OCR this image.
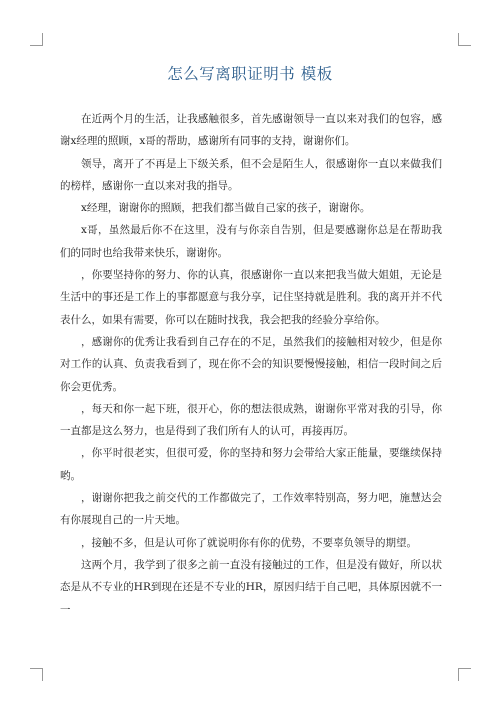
怎么写离职证明书 模板

在近两个月的生活，让我感触很多，首先感谢领导一直以来对我们的包容，感谢x经理的照顾，x哥的帮助，感谢所有同事的支持，谢谢你们。

领导，离开了不再是上下级关系，但不会是陌生人，很感谢你一直以来做我们的榜样，感谢你一直以来对我的指导。

x经理，谢谢你的照顾，把我们都当做自己家的孩子，谢谢你。

x哥，虽然最后你不在这里，没有与你亲自告别，但是要感谢你总是在帮助我们的同时也给我带来快乐，谢谢你。

，你要坚持你的努力、你的认真，很感谢你一直以来把我当做大姐姐，无论是生活中的事还是工作上的事都愿意与我分享，记住坚持就是胜利。我的离开并不代表什么，如果有需要，你可以在随时找我，我会把我的经验分享给你。

，感谢你的优秀让我看到自己存在的不足，虽然我们的接触相对较少，但是你对工作的认真、负责我看到了，现在你不会的知识要慢慢接触，相信一段时间之后你会更优秀。

，每天和你一起下班，很开心，你的想法很成熟，谢谢你平常对我的引导，你一直都是这么努力，也是得到了我们所有人的认可，再接再厉。

，你平时很老实，但很可爱，你的坚持和努力会带给大家正能量，要继续保持哟。

，谢谢你把我之前交代的工作都做完了，工作效率特别高，努力吧，施慧达会有你展现自己的一片天地。

，接触不多，但是认可你了就说明你有你的优势，不要辜负领导的期望。

这两个月，我学到了很多之前一直没有接触过的工作，但是没有做好，所以状态是从不专业的HR到现在还是不专业的HR，原因归结于自己吧，具体原因就不一一
